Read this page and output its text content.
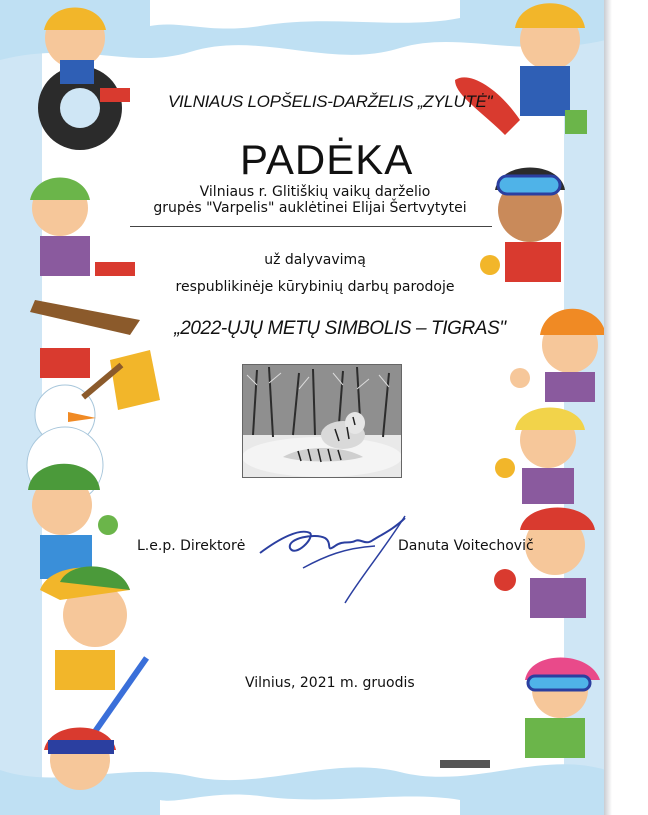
VILNIAUS LOPŠELIS-DARŽELIS „ZYLUTĖ"
PADĖKA
Vilniaus r. Glitiškių vaikų darželio
grupės "Varpelis" auklėtinei Elijai Šertvytytei
už dalyvavimą
respublikinėje kūrybinių darbų parodoje
„2022-ŲJŲ METŲ SIMBOLIS – TIGRAS"
L.e.p. Direktorė	Danuta Voitechovič
Vilnius, 2021 m. gruodis
